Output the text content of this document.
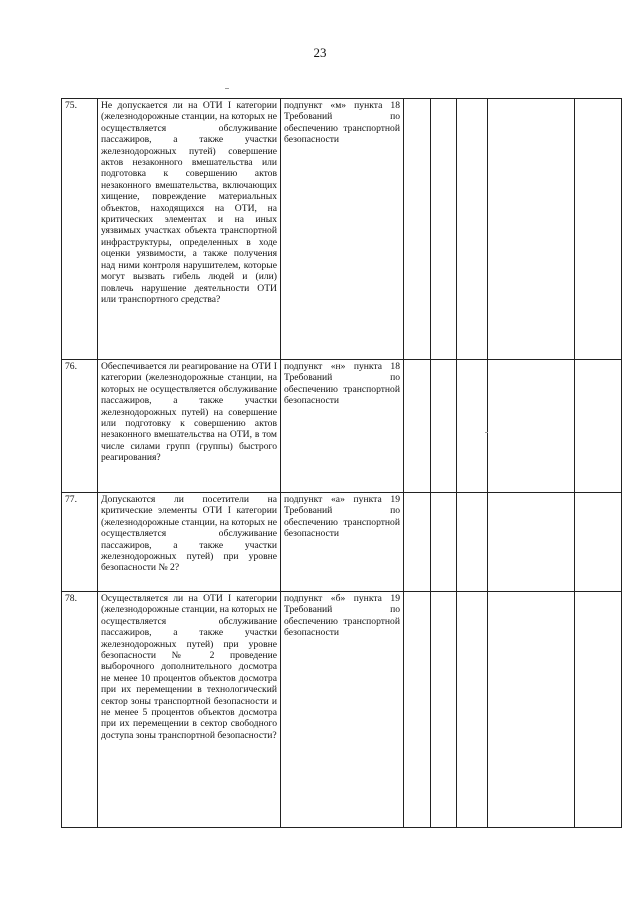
23
75.	Не допускается ли на ОТИ I категории (железнодорожные станции, на которых не осуществляется обслуживание пассажиров, а также участки железнодорожных путей) совершение актов незаконного вмешательства или подготовка к совершению актов незаконного вмешательства, включающих хищение, повреждение материальных объектов, находящихся на ОТИ, на критических элементах и на иных уязвимых участках объекта транспортной инфраструктуры, определенных в ходе оценки уязвимости, а также получения над ними контроля нарушителем, которые могут вызвать гибель людей и (или) повлечь нарушение деятельности ОТИ или транспортного средства?	подпункт «м» пункта 18 Требований по обеспечению транспортной безопасности					
76.	Обеспечивается ли реагирование на ОТИ I категории (железнодорожные станции, на которых не осуществляется обслуживание пассажиров, а также участки железнодорожных путей) на совершение или подготовку к совершению актов незаконного вмешательства на ОТИ, в том числе силами групп (группы) быстрого реагирования?	подпункт «н» пункта 18 Требований по обеспечению транспортной безопасности					
77.	Допускаются ли посетители на критические элементы ОТИ I категории (железнодорожные станции, на которых не осуществляется обслуживание пассажиров, а также участки железнодорожных путей) при уровне безопасности № 2?	подпункт «а» пункта 19 Требований по обеспечению транспортной безопасности					
78.	Осуществляется ли на ОТИ I категории (железнодорожные станции, на которых не осуществляется обслуживание пассажиров, а также участки железнодорожных путей) при уровне безопасности № 2 проведение выборочного дополнительного досмотра не менее 10 процентов объектов досмотра при их перемещении в технологический сектор зоны транспортной безопасности и не менее 5 процентов объектов досмотра при их перемещении в сектор свободного доступа зоны транспортной безопасности?	подпункт «б» пункта 19 Требований по обеспечению транспортной безопасности					
